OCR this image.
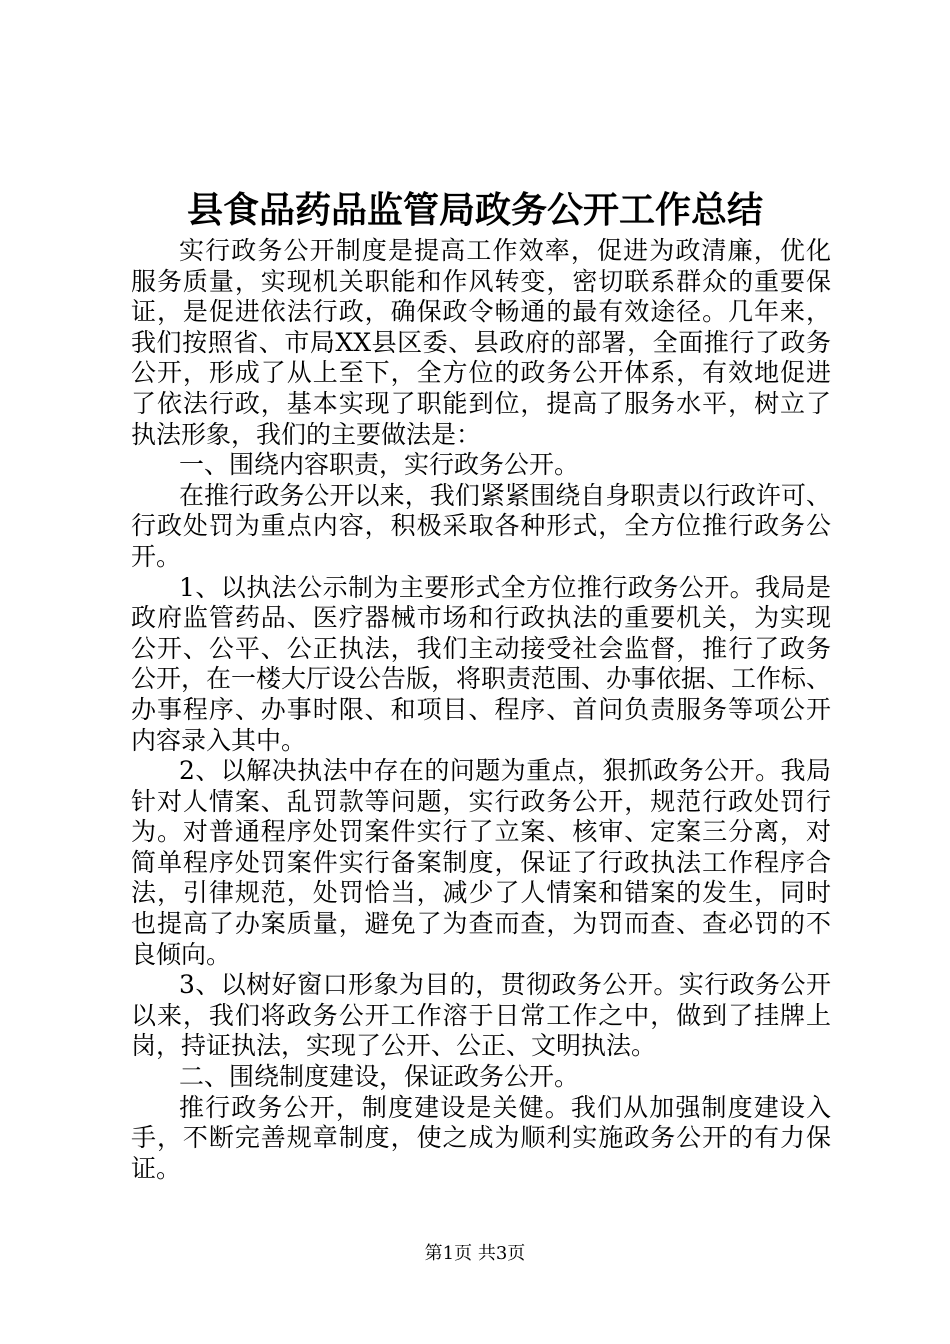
县食品药品监管局政务公开工作总结
实行政务公开制度是提高工作效率，促进为政清廉，优化
服务质量，实现机关职能和作风转变，密切联系群众的重要保
证，是促进依法行政，确保政令畅通的最有效途径。几年来，
我们按照省、市局XX县区委、县政府的部署，全面推行了政务
公开，形成了从上至下，全方位的政务公开体系，有效地促进
了依法行政，基本实现了职能到位，提高了服务水平，树立了
执法形象，我们的主要做法是：
一、围绕内容职责，实行政务公开。
在推行政务公开以来，我们紧紧围绕自身职责以行政许可、
行政处罚为重点内容，积极采取各种形式，全方位推行政务公
开。
1、以执法公示制为主要形式全方位推行政务公开。我局是
政府监管药品、医疗器械市场和行政执法的重要机关，为实现
公开、公平、公正执法，我们主动接受社会监督，推行了政务
公开，在一楼大厅设公告版，将职责范围、办事依据、工作标、
办事程序、办事时限、和项目、程序、首问负责服务等项公开
内容录入其中。
2、以解决执法中存在的问题为重点，狠抓政务公开。我局
针对人情案、乱罚款等问题，实行政务公开，规范行政处罚行
为。对普通程序处罚案件实行了立案、核审、定案三分离，对
简单程序处罚案件实行备案制度，保证了行政执法工作程序合
法，引律规范，处罚恰当，减少了人情案和错案的发生，同时
也提高了办案质量，避免了为查而查，为罚而查、查必罚的不
良倾向。
3、以树好窗口形象为目的，贯彻政务公开。实行政务公开
以来，我们将政务公开工作溶于日常工作之中，做到了挂牌上
岗，持证执法，实现了公开、公正、文明执法。
二、围绕制度建设，保证政务公开。
推行政务公开，制度建设是关健。我们从加强制度建设入
手，不断完善规章制度，使之成为顺利实施政务公开的有力保
证。
第1页 共3页
